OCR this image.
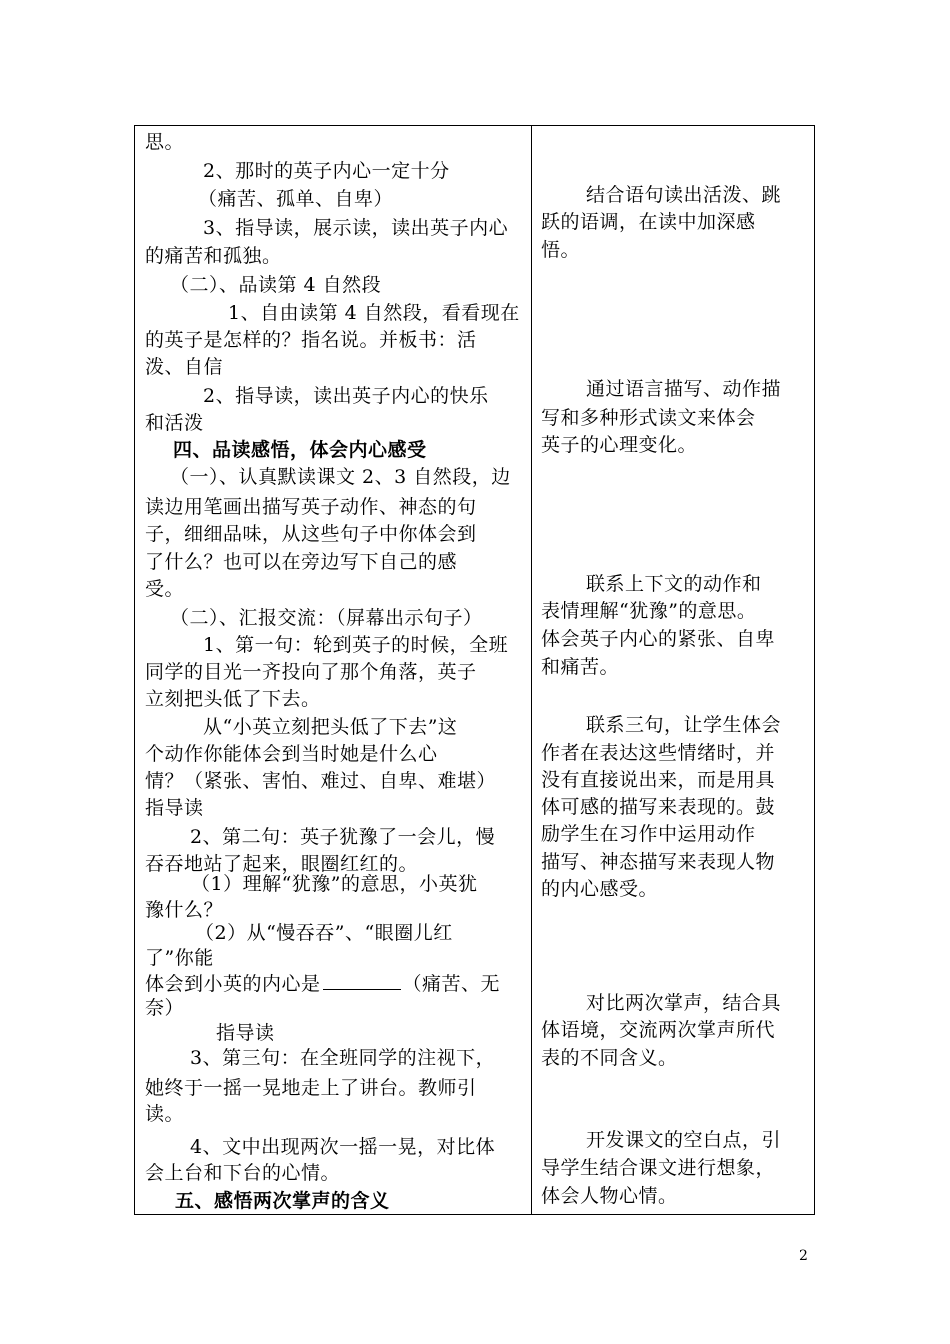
思。
2、那时的英子内心一定十分
（痛苦、孤单、自卑）
3、指导读，展示读，读出英子内心
的痛苦和孤独。
（二）、品读第 4 自然段
1、自由读第 4 自然段，看看现在
的英子是怎样的？指名说。并板书：活
泼、自信
2、指导读，读出英子内心的快乐
和活泼
四、品读感悟，体会内心感受
（一）、认真默读课文 2、3 自然段，边
读边用笔画出描写英子动作、神态的句
子，细细品味，从这些句子中你体会到
了什么？也可以在旁边写下自己的感
受。
（二）、汇报交流：（屏幕出示句子）
1、第一句：轮到英子的时候，全班
同学的目光一齐投向了那个角落，英子
立刻把头低了下去。
从“小英立刻把头低了下去”这
个动作你能体会到当时她是什么心
情？（紧张、害怕、难过、自卑、难堪）
指导读
2、第二句：英子犹豫了一会儿，慢
吞吞地站了起来，眼圈红红的。
（1）理解“犹豫”的意思，小英犹
豫什么？
（2）从“慢吞吞”、“眼圈儿红
了”你能
体会到小英的内心是	（痛苦、无
奈）
指导读
3、第三句：在全班同学的注视下，
她终于一摇一晃地走上了讲台。教师引
读。
4、文中出现两次一摇一晃，对比体
会上台和下台的心情。
五、感悟两次掌声的含义
结合语句读出活泼、跳
跃的语调，在读中加深感
悟。
通过语言描写、动作描
写和多种形式读文来体会
英子的心理变化。
联系上下文的动作和
表情理解“犹豫”的意思。
体会英子内心的紧张、自卑
和痛苦。
联系三句，让学生体会
作者在表达这些情绪时，并
没有直接说出来，而是用具
体可感的描写来表现的。鼓
励学生在习作中运用动作
描写、神态描写来表现人物
的内心感受。
对比两次掌声，结合具
体语境，交流两次掌声所代
表的不同含义。
开发课文的空白点，引
导学生结合课文进行想象，
体会人物心情。
2
